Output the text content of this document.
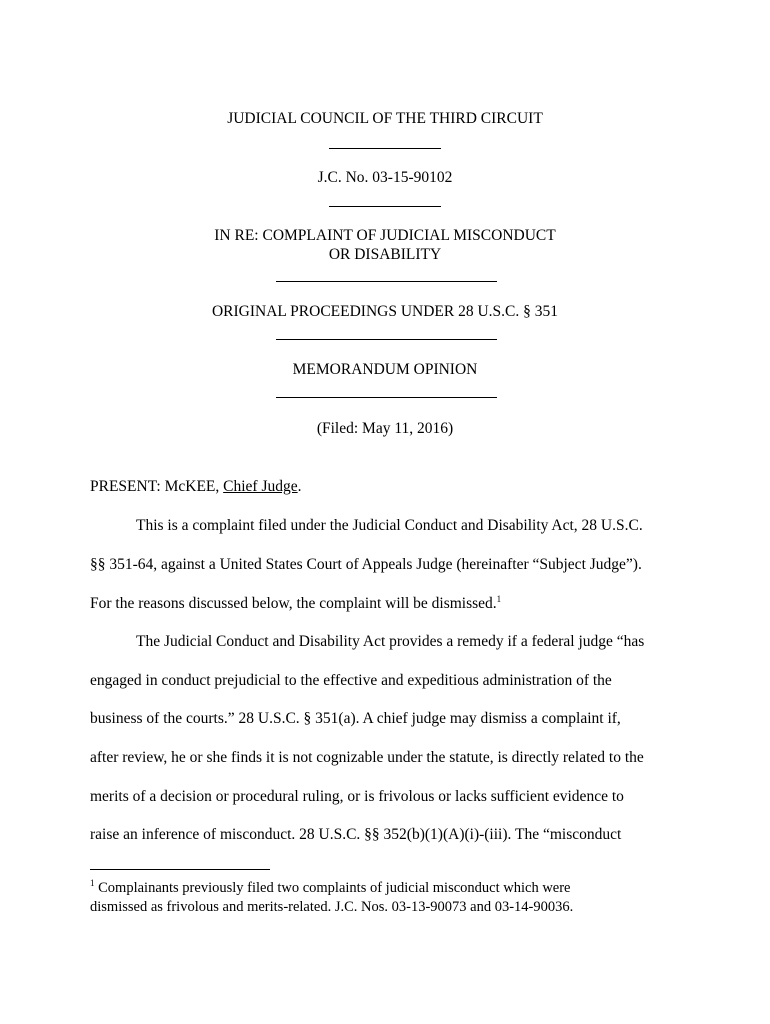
JUDICIAL COUNCIL OF THE THIRD CIRCUIT
J.C. No. 03-15-90102
IN RE: COMPLAINT OF JUDICIAL MISCONDUCT
OR DISABILITY
ORIGINAL PROCEEDINGS UNDER 28 U.S.C. § 351
MEMORANDUM OPINION
(Filed: May 11, 2016)
PRESENT: McKEE, Chief Judge.
This is a complaint filed under the Judicial Conduct and Disability Act, 28 U.S.C.
§§ 351-64, against a United States Court of Appeals Judge (hereinafter “Subject Judge”).
For the reasons discussed below, the complaint will be dismissed.$^1$
The Judicial Conduct and Disability Act provides a remedy if a federal judge “has
engaged in conduct prejudicial to the effective and expeditious administration of the
business of the courts.” 28 U.S.C. § 351(a). A chief judge may dismiss a complaint if,
after review, he or she finds it is not cognizable under the statute, is directly related to the
merits of a decision or procedural ruling, or is frivolous or lacks sufficient evidence to
raise an inference of misconduct. 28 U.S.C. §§ 352(b)(1)(A)(i)-(iii). The “misconduct
$^1$ Complainants previously filed two complaints of judicial misconduct which were
dismissed as frivolous and merits-related. J.C. Nos. 03-13-90073 and 03-14-90036.
